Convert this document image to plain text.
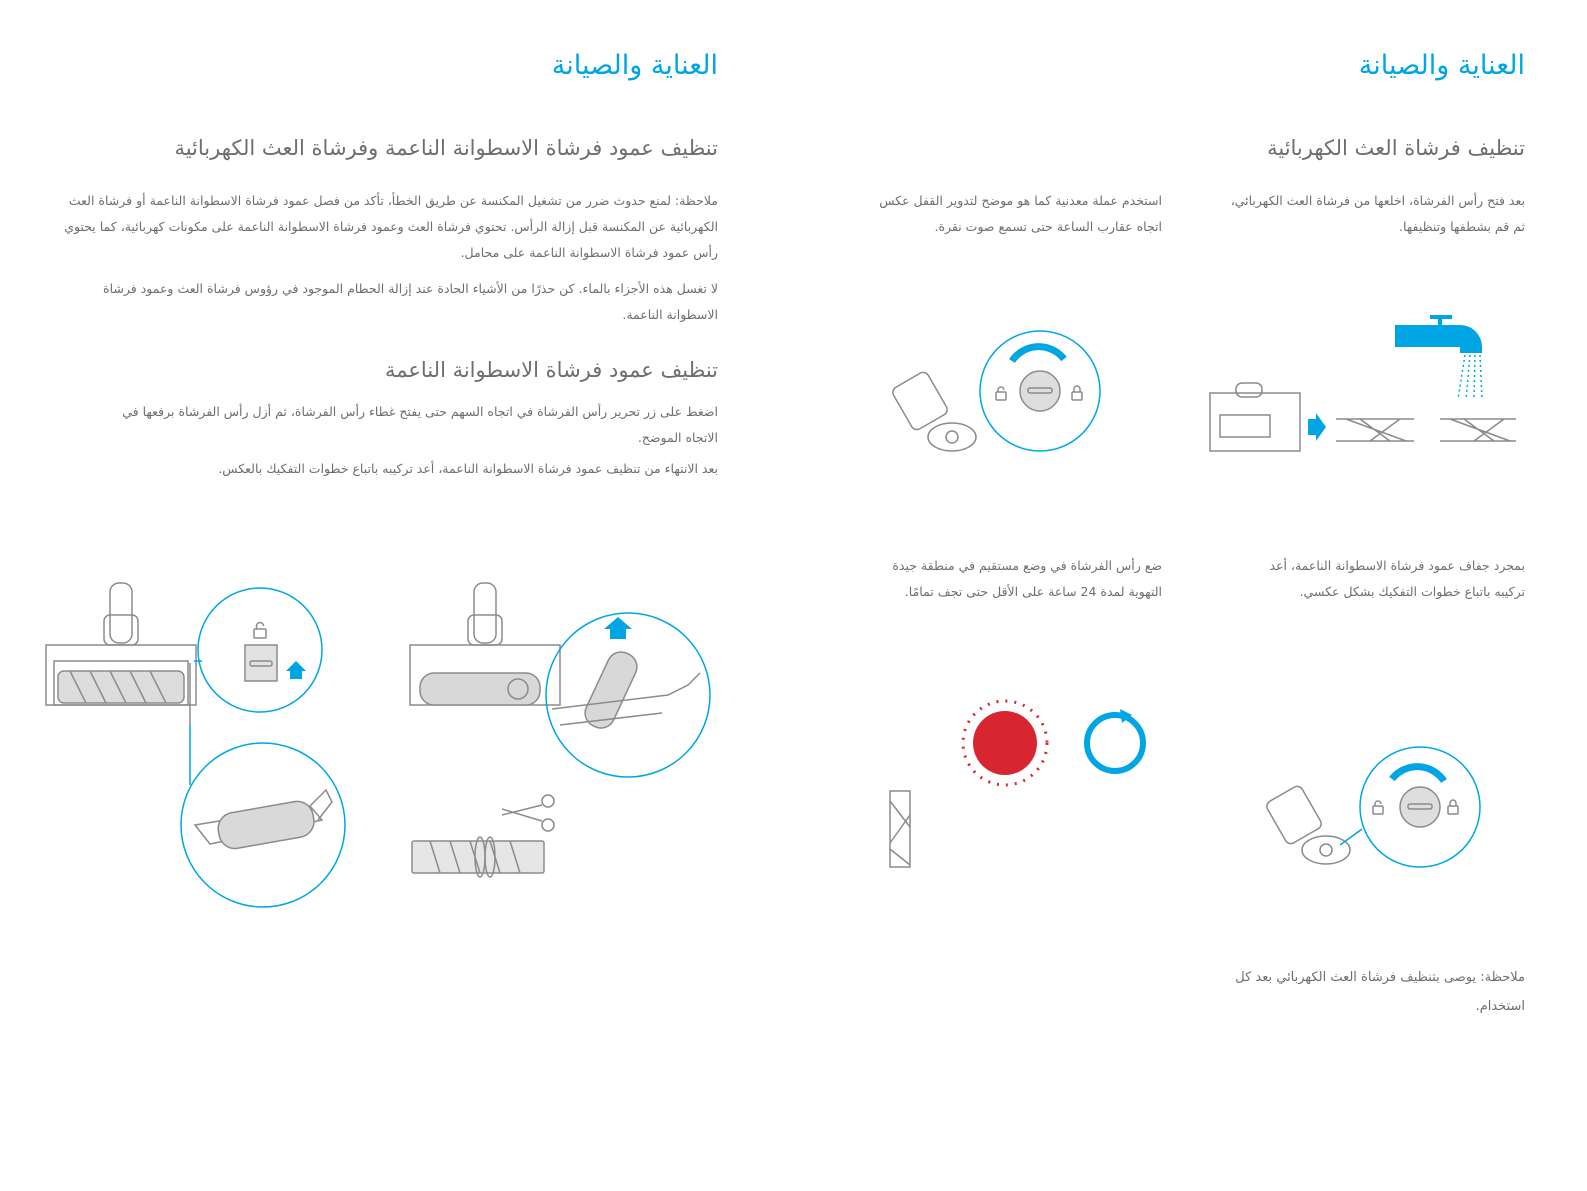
العناية والصيانة
تنظيف عمود فرشاة الاسطوانة الناعمة وفرشاة العث الكهربائية

ملاحظة: لمنع حدوث ضرر من تشغيل المكنسة عن طريق الخطأ، تأكد من فصل عمود فرشاة الاسطوانة الناعمة أو فرشاة العث الكهربائية عن المكنسة قبل إزالة الرأس. تحتوي فرشاة العث وعمود فرشاة الاسطوانة الناعمة على مكونات كهربائية، كما يحتوي رأس عمود فرشاة الاسطوانة الناعمة على محامل.

لا تغسل هذه الأجزاء بالماء. كن حذرًا من الأشياء الحادة عند إزالة الحطام الموجود في رؤوس فرشاة العث وعمود فرشاة الاسطوانة الناعمة.

تنظيف عمود فرشاة الاسطوانة الناعمة

اضغط على زر تحرير رأس الفرشاة في اتجاه السهم حتى يفتح غطاء رأس الفرشاة، ثم أزل رأس الفرشاة برفعها في الاتجاه الموضح.

بعد الانتهاء من تنظيف عمود فرشاة الاسطوانة الناعمة، أعد تركيبه باتباع خطوات التفكيك بالعكس.

العناية والصيانة
تنظيف فرشاة العث الكهربائية

بعد فتح رأس الفرشاة، اخلعها من فرشاة العث الكهربائي، ثم قم بشطفها وتنظيفها.

استخدم عملة معدنية كما هو موضح لتدوير القفل عكس اتجاه عقارب الساعة حتى تسمع صوت نقرة.

بمجرد جفاف عمود فرشاة الاسطوانة الناعمة، أعد تركيبه باتباع خطوات التفكيك بشكل عكسي.

ضع رأس الفرشاة في وضع مستقيم في منطقة جيدة التهوية لمدة 24 ساعة على الأقل حتى تجف تمامًا.

ملاحظة: يوصى بتنظيف فرشاة العث الكهربائي بعد كل استخدام.
